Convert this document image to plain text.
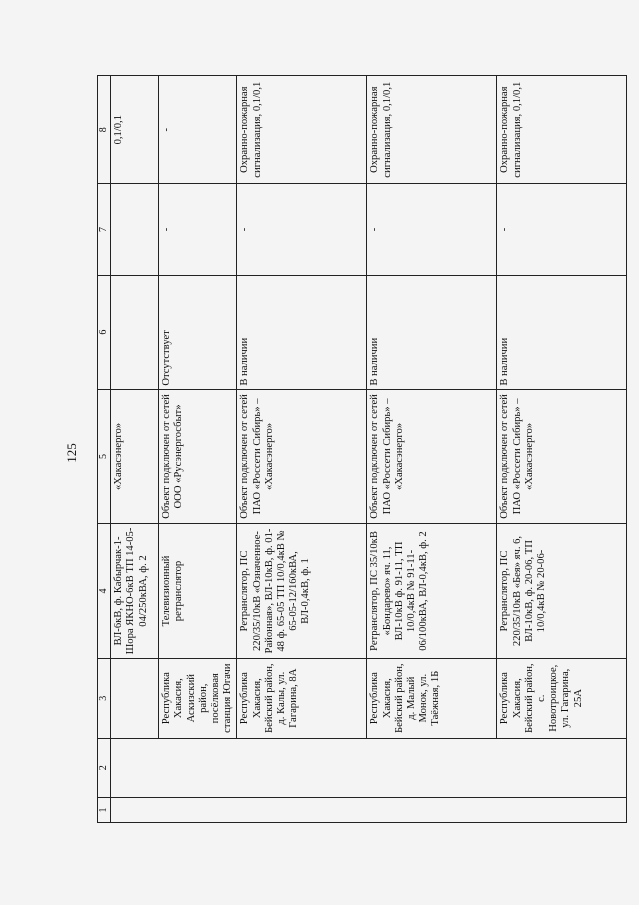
125
1	2	3	4	5	6	7	8
			ВЛ-6кВ, ф. Кабырчак-1-Шора ЯКНО-6кВ ТП 14-05-04/250кВА, ф. 2	«Хакасэнерго»			0,1/0,1
		Республика Хакасия, Аскизский район, посёлковая станция Югачи	Телевизионный ретранслятор	Объект подключен от сетей ООО «Русэнергосбыт»	Отсутствует	-	-
		Республика Хакасия, Бейский район, д. Калы, ул. Гагарина, 8А	Ретранслятор, ПС 220/35/10кВ «Означенное-Районная», ВЛ-10кВ, ф. 01-48 ф. 65-05 ТП 10/0,4кВ № 65-05-12/160кВА, ВЛ-0,4кВ, ф. 1	Объект подключен от сетей ПАО «Россети Сибирь» – «Хакасэнерго»	В наличии	-	Охранно-пожарная сигнализация, 0,1/0,1
		Республика Хакасия, Бейский район, д. Малый Монок, ул. Таёжная, 1Б	Ретранслятор, ПС 35/10кВ «Бондарево» яч. 11, ВЛ-10кВ ф. 91-11, ТП 10/0,4кВ № 91-11-06/100кВА, ВЛ-0,4кВ, ф. 2	Объект подключен от сетей ПАО «Россети Сибирь» – «Хакасэнерго»	В наличии	-	Охранно-пожарная сигнализация, 0,1/0,1
		Республика Хакасия, Бейский район, с. Новотроицкое, ул. Гагарина, 25А	Ретранслятор, ПС 220/35/10кВ «Бея» яч. 6, ВЛ-10кВ, ф. 20-06, ТП 10/0,4кВ № 20-06-	Объект подключен от сетей ПАО «Россети Сибирь» – «Хакасэнерго»	В наличии	-	Охранно-пожарная сигнализация, 0,1/0,1
